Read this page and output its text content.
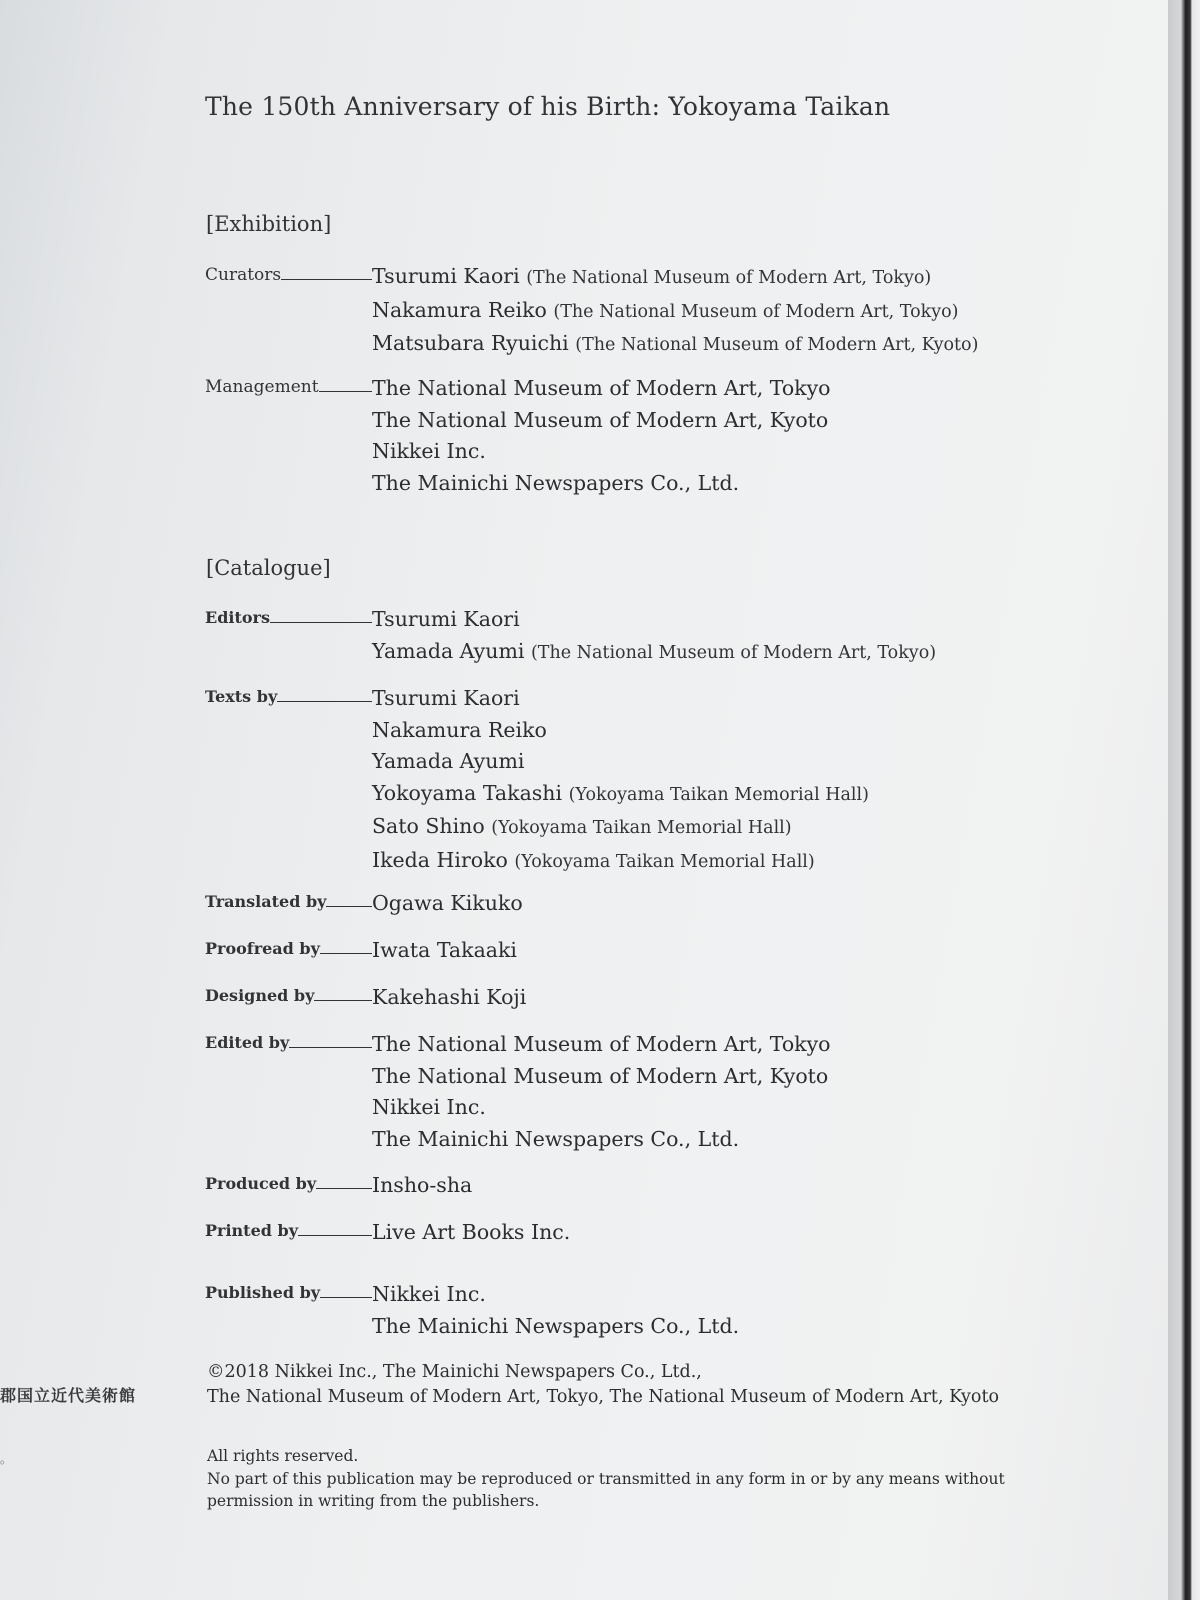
郡国立近代美術館
。
The 150th Anniversary of his Birth: Yokoyama Taikan
[Exhibition]
Curators	Tsurumi Kaori (The National Museum of Modern Art, Tokyo)
Nakamura Reiko (The National Museum of Modern Art, Tokyo)
Matsubara Ryuichi (The National Museum of Modern Art, Kyoto)
Management	The National Museum of Modern Art, Tokyo
The National Museum of Modern Art, Kyoto
Nikkei Inc.
The Mainichi Newspapers Co., Ltd.
[Catalogue]
Editors	Tsurumi Kaori
Yamada Ayumi (The National Museum of Modern Art, Tokyo)
Texts by	Tsurumi Kaori
Nakamura Reiko
Yamada Ayumi
Yokoyama Takashi (Yokoyama Taikan Memorial Hall)
Sato Shino (Yokoyama Taikan Memorial Hall)
Ikeda Hiroko (Yokoyama Taikan Memorial Hall)
Translated by Ogawa Kikuko
Proofread by	Iwata Takaaki
Designed by	Kakehashi Koji
Edited by	The National Museum of Modern Art, Tokyo
The National Museum of Modern Art, Kyoto
Nikkei Inc.
The Mainichi Newspapers Co., Ltd.
Produced by	Insho-sha
Printed by	Live Art Books Inc.
Published by	Nikkei Inc.
The Mainichi Newspapers Co., Ltd.
©2018 Nikkei Inc., The Mainichi Newspapers Co., Ltd.,
The National Museum of Modern Art, Tokyo, The National Museum of Modern Art, Kyoto
All rights reserved.
No part of this publication may be reproduced or transmitted in any form in or by any means without
permission in writing from the publishers.
